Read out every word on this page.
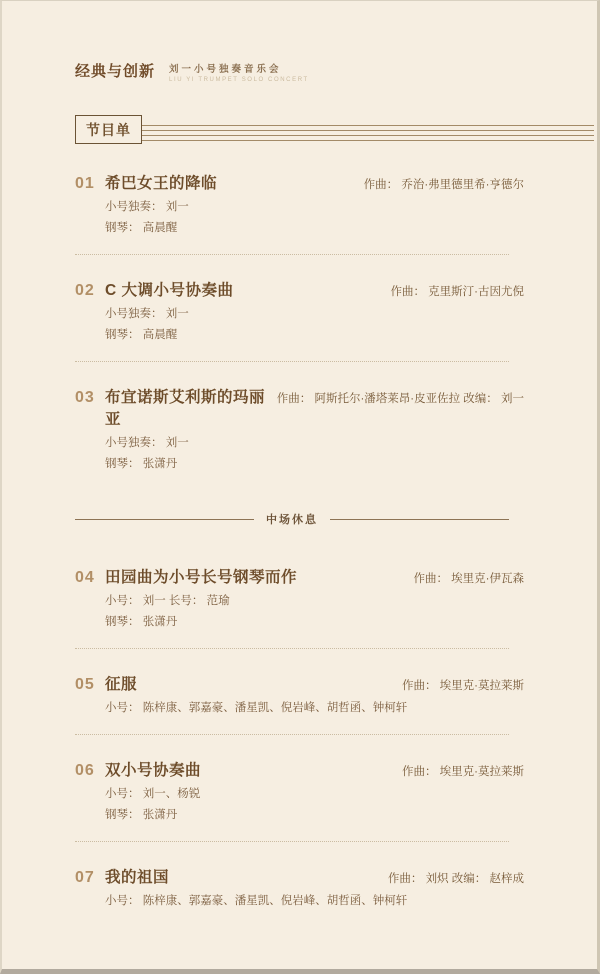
经典与创新 刘一小号独奏音乐会
LIU YI TRUMPET SOLO CONCERT
节目单
01 希巴女王的降临	作曲： 乔治·弗里德里希·亨德尔
小号独奏： 刘一
钢琴： 高晨醒
02 C 大调小号协奏曲	作曲： 克里斯汀·古因尤倪
小号独奏： 刘一
钢琴： 高晨醒
03 布宜诺斯艾利斯的玛丽亚
作曲： 阿斯托尔·潘塔莱昂·皮亚佐拉 改编： 刘一
小号独奏： 刘一
钢琴： 张潇丹
中场休息
04 田园曲为小号长号钢琴而作	作曲： 埃里克·伊瓦森
小号： 刘一 长号： 范瑜
钢琴： 张潇丹
05 征服	作曲： 埃里克·莫拉莱斯
小号： 陈梓康、郭嘉豪、潘星凯、倪岩峰、胡哲函、钟柯轩
06 双小号协奏曲	作曲： 埃里克·莫拉莱斯
小号： 刘一、杨锐
钢琴： 张潇丹
07 我的祖国	作曲： 刘炽 改编： 赵梓成
小号： 陈梓康、郭嘉豪、潘星凯、倪岩峰、胡哲函、钟柯轩
